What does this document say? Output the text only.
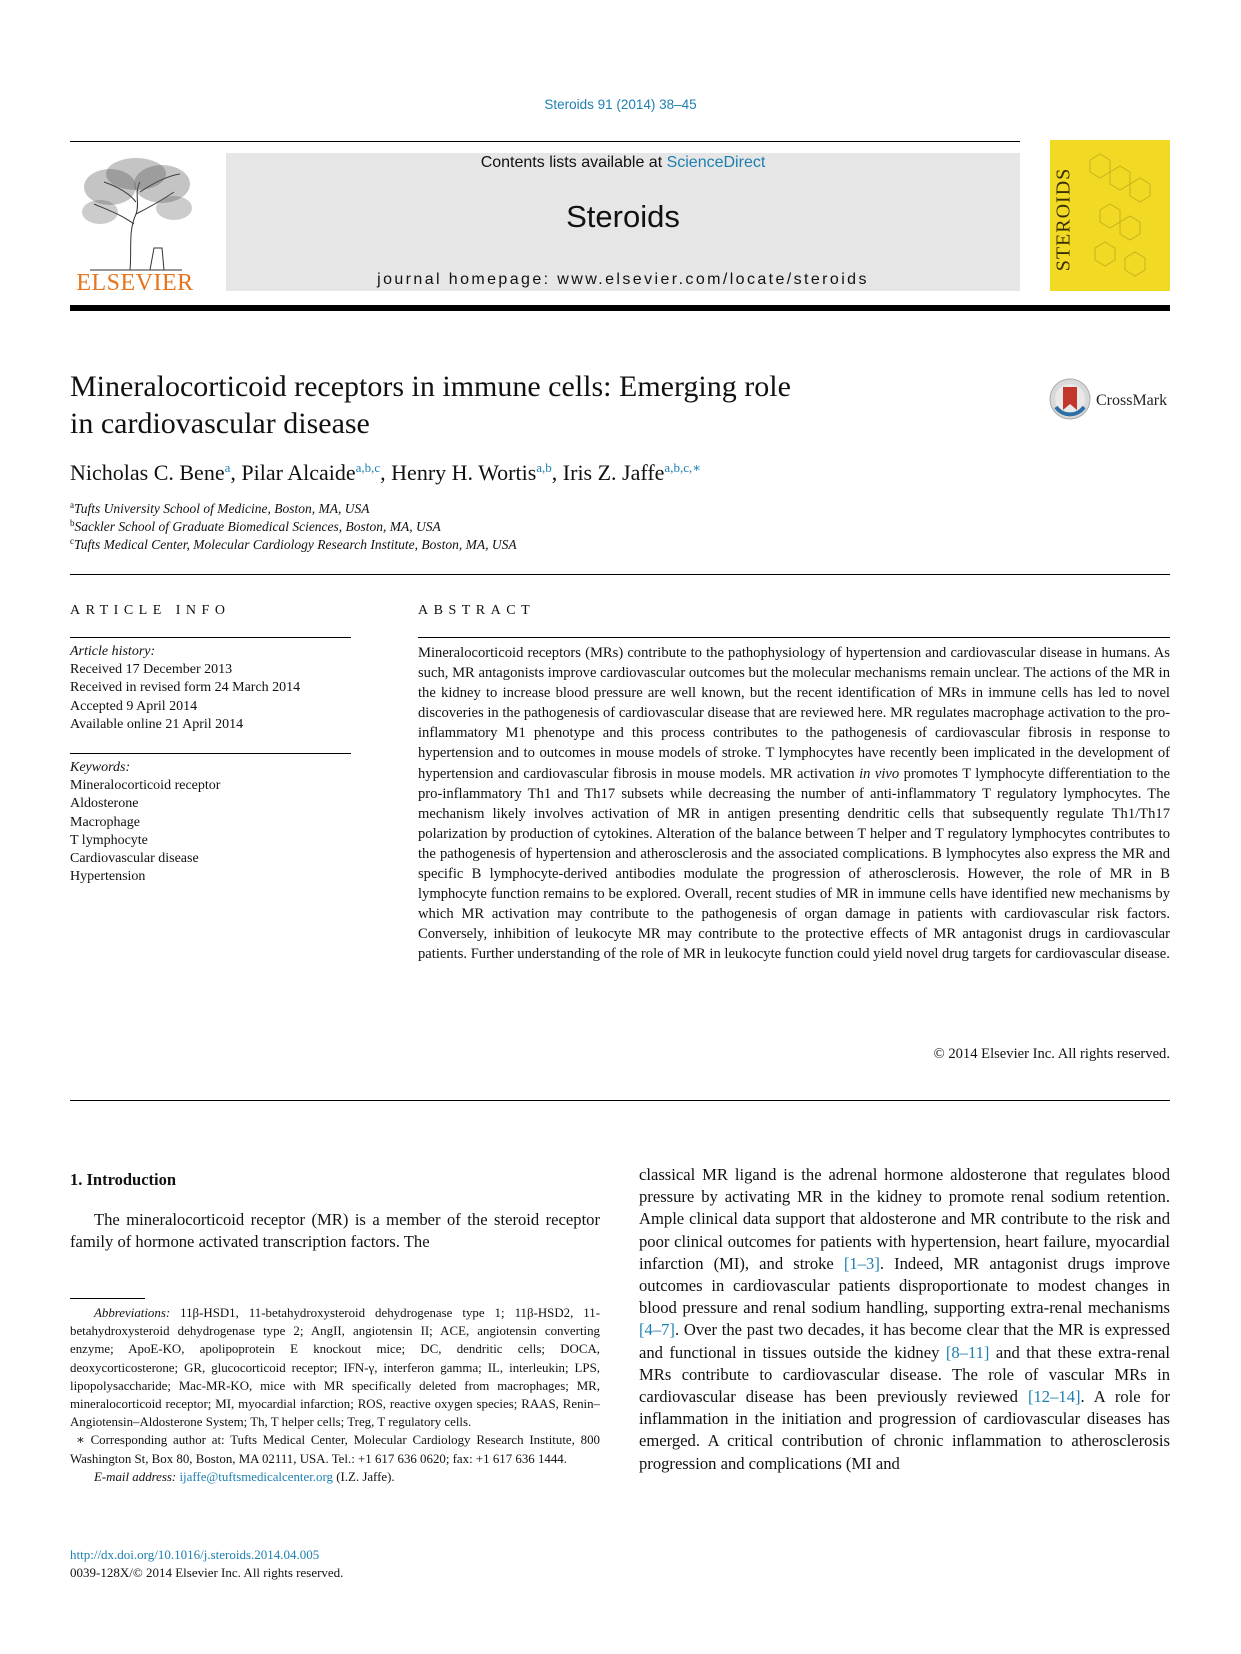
Steroids 91 (2014) 38–45
ELSEVIER
Contents lists available at ScienceDirect
Steroids
journal homepage: www.elsevier.com/locate/steroids
STEROIDS
Mineralocorticoid receptors in immune cells: Emerging role
in cardiovascular disease
CrossMark
Nicholas C. Bene$^a$, Pilar Alcaide$^{a,b,c}$, Henry H. Wortis$^{a,b}$, Iris Z. Jaffe$^{a,b,c,∗}$
$^a$Tufts University School of Medicine, Boston, MA, USA
$^b$Sackler School of Graduate Biomedical Sciences, Boston, MA, USA
$^c$Tufts Medical Center, Molecular Cardiology Research Institute, Boston, MA, USA
ARTICLE INFO	ABSTRACT
Article history:
Received 17 December 2013
Received in revised form 24 March 2014
Accepted 9 April 2014
Available online 21 April 2014
Keywords:
Mineralocorticoid receptor
Aldosterone
Macrophage
T lymphocyte
Cardiovascular disease
Hypertension
Mineralocorticoid receptors (MRs) contribute to the pathophysiology of hypertension and cardiovascular disease in humans. As such, MR antagonists improve cardiovascular outcomes but the molecular mechanisms remain unclear. The actions of the MR in the kidney to increase blood pressure are well known, but the recent identification of MRs in immune cells has led to novel discoveries in the pathogenesis of cardiovascular disease that are reviewed here. MR regulates macrophage activation to the pro-inflammatory M1 phenotype and this process contributes to the pathogenesis of cardiovascular fibrosis in response to hypertension and to outcomes in mouse models of stroke. T lymphocytes have recently been implicated in the development of hypertension and cardiovascular fibrosis in mouse models. MR activation in vivo promotes T lymphocyte differentiation to the pro-inflammatory Th1 and Th17 subsets while decreasing the number of anti-inflammatory T regulatory lymphocytes. The mechanism likely involves activation of MR in antigen presenting dendritic cells that subsequently regulate Th1/Th17 polarization by production of cytokines. Alteration of the balance between T helper and T regulatory lymphocytes contributes to the pathogenesis of hypertension and atherosclerosis and the associated complications. B lymphocytes also express the MR and specific B lymphocyte-derived antibodies modulate the progression of atherosclerosis. However, the role of MR in B lymphocyte function remains to be explored. Overall, recent studies of MR in immune cells have identified new mechanisms by which MR activation may contribute to the pathogenesis of organ damage in patients with cardiovascular risk factors. Conversely, inhibition of leukocyte MR may contribute to the protective effects of MR antagonist drugs in cardiovascular patients. Further understanding of the role of MR in leukocyte function could yield novel drug targets for cardiovascular disease.
© 2014 Elsevier Inc. All rights reserved.
1. Introduction
The mineralocorticoid receptor (MR) is a member of the steroid receptor family of hormone activated transcription factors. The

Abbreviations: 11β-HSD1, 11-betahydroxysteroid dehydrogenase type 1; 11β-HSD2, 11-betahydroxysteroid dehydrogenase type 2; AngII, angiotensin II; ACE, angiotensin converting enzyme; ApoE-KO, apolipoprotein E knockout mice; DC, dendritic cells; DOCA, deoxycorticosterone; GR, glucocorticoid receptor; IFN-γ, interferon gamma; IL, interleukin; LPS, lipopolysaccharide; Mac-MR-KO, mice with MR specifically deleted from macrophages; MR, mineralocorticoid receptor; MI, myocardial infarction; ROS, reactive oxygen species; RAAS, Renin–Angiotensin–Aldosterone System; Th, T helper cells; Treg, T regulatory cells.

∗ Corresponding author at: Tufts Medical Center, Molecular Cardiology Research Institute, 800 Washington St, Box 80, Boston, MA 02111, USA. Tel.: +1 617 636 0620; fax: +1 617 636 1444.

E-mail address: ijaffe@tuftsmedicalcenter.org (I.Z. Jaffe).

http://dx.doi.org/10.1016/j.steroids.2014.04.005
0039-128X/© 2014 Elsevier Inc. All rights reserved.
classical MR ligand is the adrenal hormone aldosterone that regulates blood pressure by activating MR in the kidney to promote renal sodium retention. Ample clinical data support that aldosterone and MR contribute to the risk and poor clinical outcomes for patients with hypertension, heart failure, myocardial infarction (MI), and stroke [1–3]. Indeed, MR antagonist drugs improve outcomes in cardiovascular patients disproportionate to modest changes in blood pressure and renal sodium handling, supporting extra-renal mechanisms [4–7]. Over the past two decades, it has become clear that the MR is expressed and functional in tissues outside the kidney [8–11] and that these extra-renal MRs contribute to cardiovascular disease. The role of vascular MRs in cardiovascular disease has been previously reviewed [12–14]. A role for inflammation in the initiation and progression of cardiovascular diseases has emerged. A critical contribution of chronic inflammation to atherosclerosis progression and complications (MI and
